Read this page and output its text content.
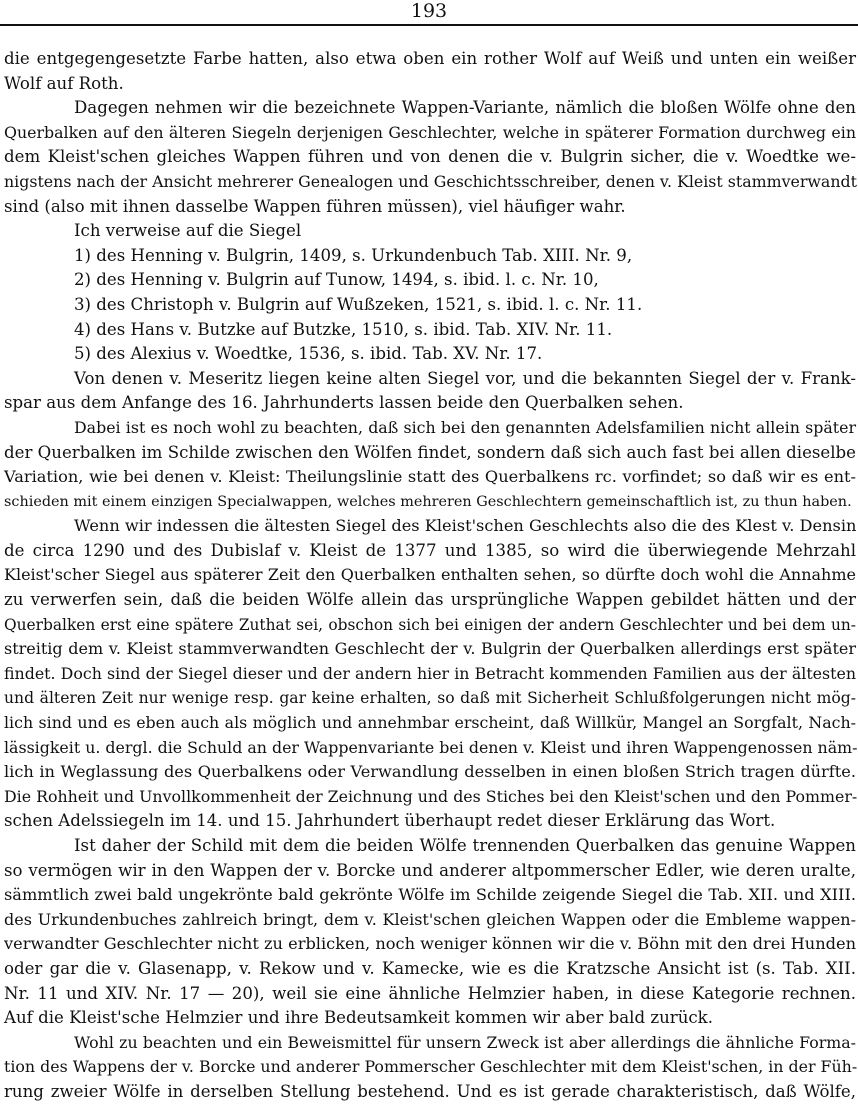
193
die entgegengesetzte Farbe hatten, also etwa oben ein rother Wolf auf Weiß und unten ein weißer
Wolf auf Roth.
Dagegen nehmen wir die bezeichnete Wappen-Variante, nämlich die bloßen Wölfe ohne den
Querbalken auf den älteren Siegeln derjenigen Geschlechter, welche in späterer Formation durchweg ein
dem Kleist'schen gleiches Wappen führen und von denen die v. Bulgrin sicher, die v. Woedtke we-
nigstens nach der Ansicht mehrerer Genealogen und Geschichtsschreiber, denen v. Kleist stammverwandt
sind (also mit ihnen dasselbe Wappen führen müssen), viel häufiger wahr.
Ich verweise auf die Siegel
1) des Henning v. Bulgrin, 1409, s. Urkundenbuch Tab. XIII. Nr. 9,
2) des Henning v. Bulgrin auf Tunow, 1494, s. ibid. l. c. Nr. 10,
3) des Christoph v. Bulgrin auf Wußzeken, 1521, s. ibid. l. c. Nr. 11.
4) des Hans v. Butzke auf Butzke, 1510, s. ibid. Tab. XIV. Nr. 11.
5) des Alexius v. Woedtke, 1536, s. ibid. Tab. XV. Nr. 17.
Von denen v. Meseritz liegen keine alten Siegel vor, und die bekannten Siegel der v. Frank-
spar aus dem Anfange des 16. Jahrhunderts lassen beide den Querbalken sehen.
Dabei ist es noch wohl zu beachten, daß sich bei den genannten Adelsfamilien nicht allein später
der Querbalken im Schilde zwischen den Wölfen findet, sondern daß sich auch fast bei allen dieselbe
Variation, wie bei denen v. Kleist: Theilungslinie statt des Querbalkens rc. vorfindet; so daß wir es ent-
schieden mit einem einzigen Specialwappen, welches mehreren Geschlechtern gemeinschaftlich ist, zu thun haben.
Wenn wir indessen die ältesten Siegel des Kleist'schen Geschlechts also die des Klest v. Densin
de circa 1290 und des Dubislaf v. Kleist de 1377 und 1385, so wird die überwiegende Mehrzahl
Kleist'scher Siegel aus späterer Zeit den Querbalken enthalten sehen, so dürfte doch wohl die Annahme
zu verwerfen sein, daß die beiden Wölfe allein das ursprüngliche Wappen gebildet hätten und der
Querbalken erst eine spätere Zuthat sei, obschon sich bei einigen der andern Geschlechter und bei dem un-
streitig dem v. Kleist stammverwandten Geschlecht der v. Bulgrin der Querbalken allerdings erst später
findet. Doch sind der Siegel dieser und der andern hier in Betracht kommenden Familien aus der ältesten
und älteren Zeit nur wenige resp. gar keine erhalten, so daß mit Sicherheit Schlußfolgerungen nicht mög-
lich sind und es eben auch als möglich und annehmbar erscheint, daß Willkür, Mangel an Sorgfalt, Nach-
lässigkeit u. dergl. die Schuld an der Wappenvariante bei denen v. Kleist und ihren Wappengenossen näm-
lich in Weglassung des Querbalkens oder Verwandlung desselben in einen bloßen Strich tragen dürfte.
Die Rohheit und Unvollkommenheit der Zeichnung und des Stiches bei den Kleist'schen und den Pommer-
schen Adelssiegeln im 14. und 15. Jahrhundert überhaupt redet dieser Erklärung das Wort.
Ist daher der Schild mit dem die beiden Wölfe trennenden Querbalken das genuine Wappen
so vermögen wir in den Wappen der v. Borcke und anderer altpommerscher Edler, wie deren uralte,
sämmtlich zwei bald ungekrönte bald gekrönte Wölfe im Schilde zeigende Siegel die Tab. XII. und XIII.
des Urkundenbuches zahlreich bringt, dem v. Kleist'schen gleichen Wappen oder die Embleme wappen-
verwandter Geschlechter nicht zu erblicken, noch weniger können wir die v. Böhn mit den drei Hunden
oder gar die v. Glasenapp, v. Rekow und v. Kamecke, wie es die Kratzsche Ansicht ist (s. Tab. XII.
Nr. 11 und XIV. Nr. 17 — 20), weil sie eine ähnliche Helmzier haben, in diese Kategorie rechnen.
Auf die Kleist'sche Helmzier und ihre Bedeutsamkeit kommen wir aber bald zurück.
Wohl zu beachten und ein Beweismittel für unsern Zweck ist aber allerdings die ähnliche Forma-
tion des Wappens der v. Borcke und anderer Pommerscher Geschlechter mit dem Kleist'schen, in der Füh-
rung zweier Wölfe in derselben Stellung bestehend. Und es ist gerade charakteristisch, daß Wölfe,
